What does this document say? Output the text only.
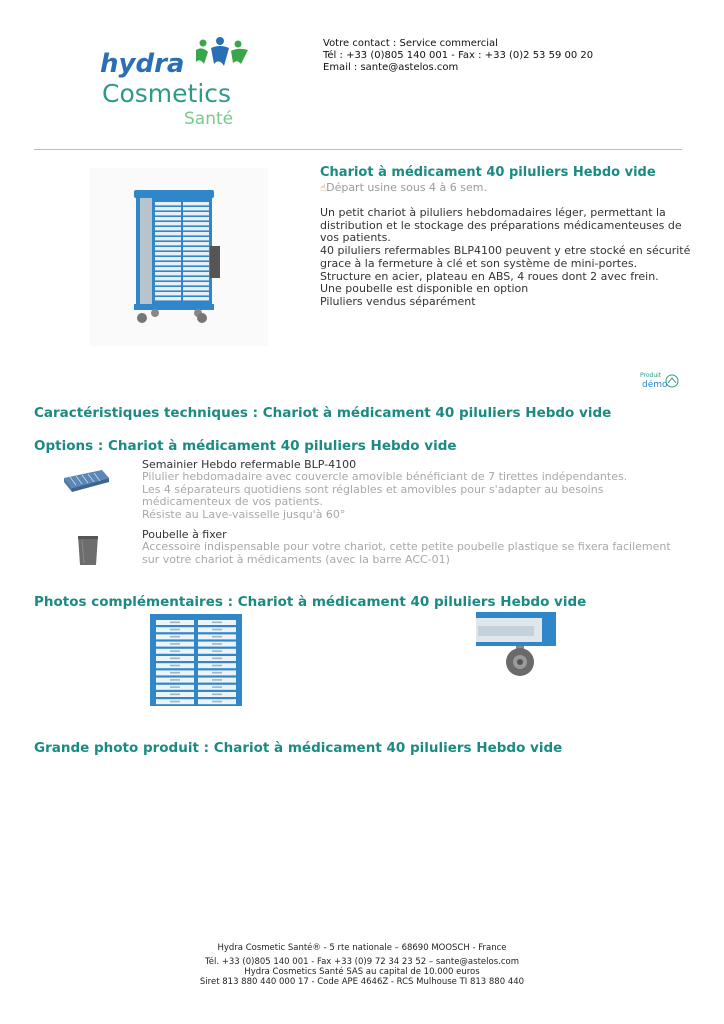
hydra
Cosmetics
Santé
Votre contact : Service commercial
Tél : +33 (0)805 140 001 - Fax : +33 (0)2 53 59 00 20
Email : sante@astelos.com
Chariot à médicament 40 piluliers Hebdo vide
☝Départ usine sous 4 à 6 sem.

Un petit chariot à piluliers hebdomadaires léger, permettant la distribution et le stockage des préparations médicamenteuses de vos patients.

40 piluliers refermables BLP4100 peuvent y etre stocké en sécurité grace à la fermeture à clé et son système de mini-portes.

Structure en acier, plateau en ABS, 4 roues dont 2 avec frein.

Une poubelle est disponible en option

Piluliers vendus séparément

Produit
démo
Caractéristiques techniques : Chariot à médicament 40 piluliers Hebdo vide
Options : Chariot à médicament 40 piluliers Hebdo vide
Semainier Hebdo refermable BLP-4100

Pilulier hebdomadaire avec couvercle amovible bénéficiant de 7 tirettes indépendantes.

Les 4 séparateurs quotidiens sont réglables et amovibles pour s'adapter au besoins médicamenteux de vos patients.

Résiste au Lave-vaisselle jusqu'à 60°

Poubelle à fixer

Accessoire indispensable pour votre chariot, cette petite poubelle plastique se fixera facilement sur votre chariot à médicaments (avec la barre ACC-01)

Photos complémentaires : Chariot à médicament 40 piluliers Hebdo vide
Grande photo produit : Chariot à médicament 40 piluliers Hebdo vide
Hydra Cosmetic Santé® - 5 rte nationale – 68690 MOOSCH - France
Tél. +33 (0)805 140 001 - Fax +33 (0)9 72 34 23 52 – sante@astelos.com
Hydra Cosmetics Santé SAS au capital de 10.000 euros
Siret 813 880 440 000 17 - Code APE 4646Z - RCS Mulhouse TI 813 880 440
